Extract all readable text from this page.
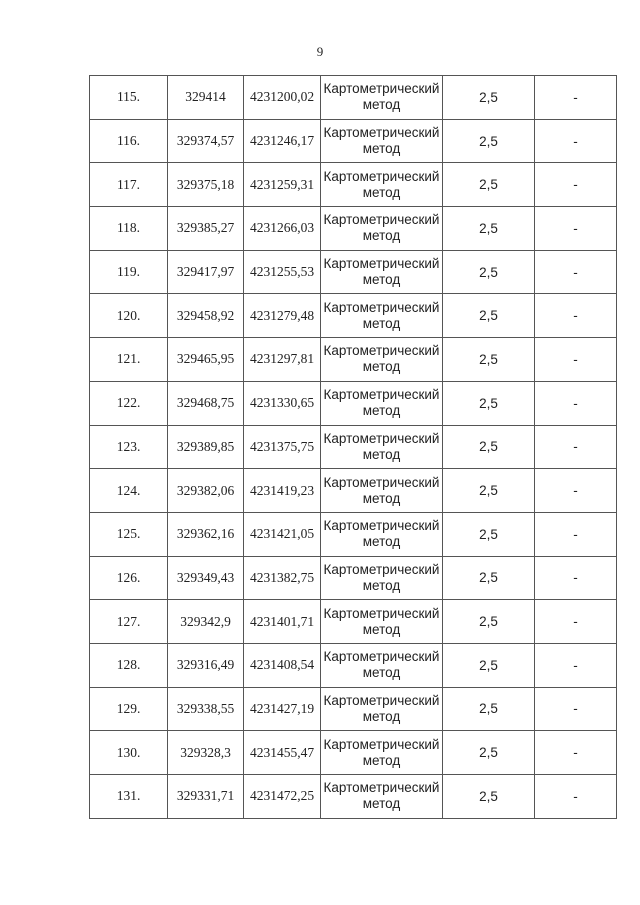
9
115.	329414	4231200,02	Картометрический
метод	2,5	-
116.	329374,57	4231246,17	Картометрический
метод	2,5	-
117.	329375,18	4231259,31	Картометрический
метод	2,5	-
118.	329385,27	4231266,03	Картометрический
метод	2,5	-
119.	329417,97	4231255,53	Картометрический
метод	2,5	-
120.	329458,92	4231279,48	Картометрический
метод	2,5	-
121.	329465,95	4231297,81	Картометрический
метод	2,5	-
122.	329468,75	4231330,65	Картометрический
метод	2,5	-
123.	329389,85	4231375,75	Картометрический
метод	2,5	-
124.	329382,06	4231419,23	Картометрический
метод	2,5	-
125.	329362,16	4231421,05	Картометрический
метод	2,5	-
126.	329349,43	4231382,75	Картометрический
метод	2,5	-
127.	329342,9	4231401,71	Картометрический
метод	2,5	-
128.	329316,49	4231408,54	Картометрический
метод	2,5	-
129.	329338,55	4231427,19	Картометрический
метод	2,5	-
130.	329328,3	4231455,47	Картометрический
метод	2,5	-
131.	329331,71	4231472,25	Картометрический
метод	2,5	-
